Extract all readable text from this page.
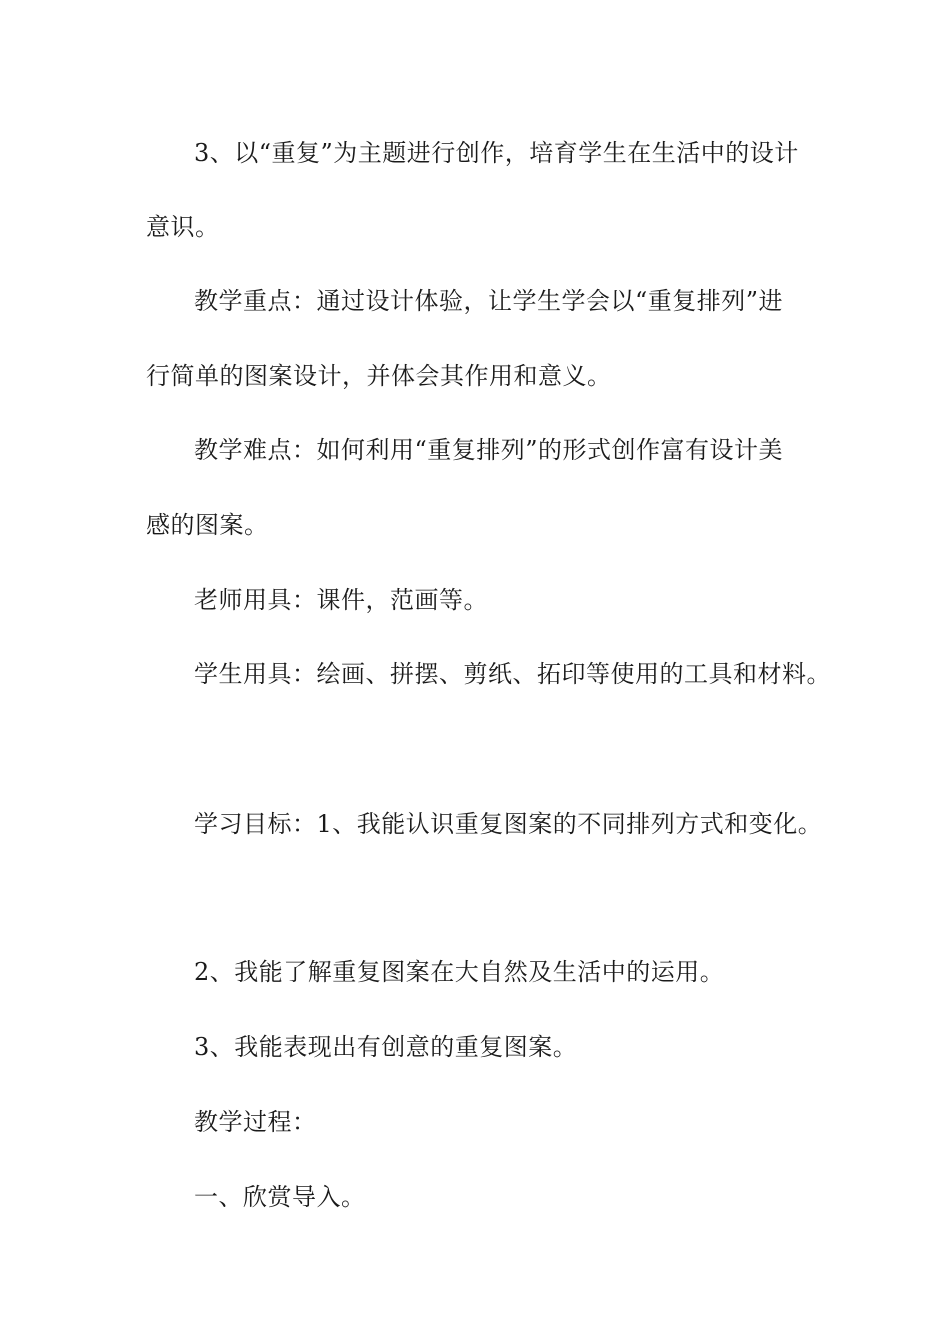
3、以“重复”为主题进行创作，培育学生在生活中的设计
意识。
教学重点：通过设计体验，让学生学会以“重复排列”进
行简单的图案设计，并体会其作用和意义。
教学难点：如何利用“重复排列”的形式创作富有设计美
感的图案。
老师用具：课件，范画等。
学生用具：绘画、拼摆、剪纸、拓印等使用的工具和材料。
学习目标：1、我能认识重复图案的不同排列方式和变化。
2、我能了解重复图案在大自然及生活中的运用。
3、我能表现出有创意的重复图案。
教学过程：
一、欣赏导入。
